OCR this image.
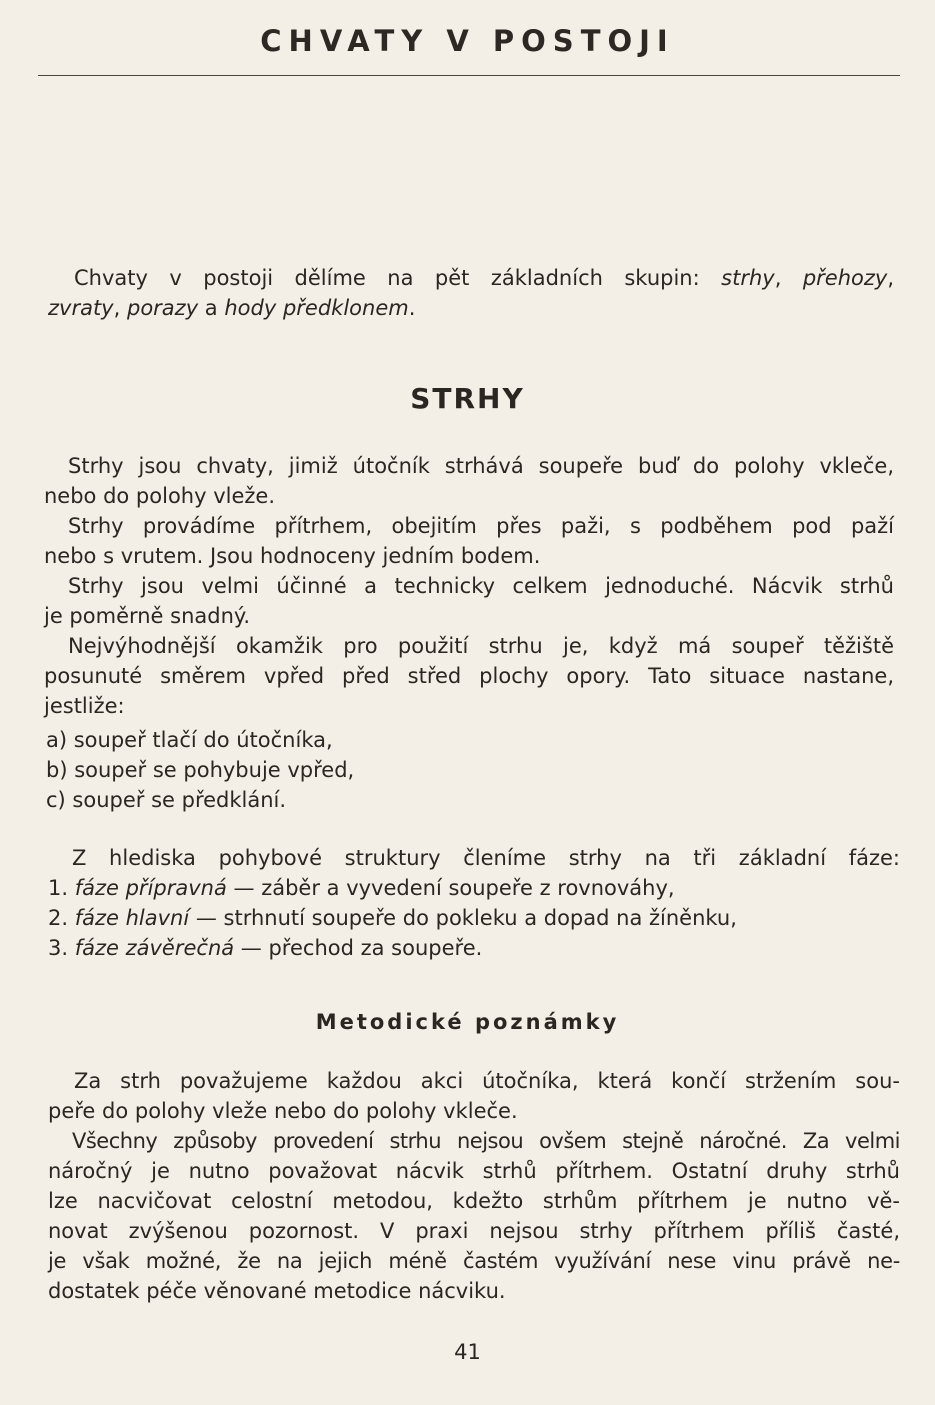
CHVATY V POSTOJI
Chvaty v postoji dělíme na pět základních skupin: strhy, přehozy,
zvraty, porazy a hody předklonem.
STRHY
Strhy jsou chvaty, jimiž útočník strhává soupeře buď do polohy vkleče,
nebo do polohy vleže.
Strhy provádíme přítrhem, obejitím přes paži, s podběhem pod paží
nebo s vrutem. Jsou hodnoceny jedním bodem.
Strhy jsou velmi účinné a technicky celkem jednoduché. Nácvik strhů
je poměrně snadný.
Nejvýhodnější okamžik pro použití strhu je, když má soupeř těžiště
posunuté směrem vpřed před střed plochy opory. Tato situace nastane,
jestliže:
a) soupeř tlačí do útočníka,
b) soupeř se pohybuje vpřed,
c) soupeř se předklání.
Z hlediska pohybové struktury členíme strhy na tři základní fáze:
1. fáze přípravná — záběr a vyvedení soupeře z rovnováhy,
2. fáze hlavní — strhnutí soupeře do pokleku a dopad na žíněnku,
3. fáze závěrečná — přechod za soupeře.
Metodické poznámky
Za strh považujeme každou akci útočníka, která končí stržením sou-
peře do polohy vleže nebo do polohy vkleče.
Všechny způsoby provedení strhu nejsou ovšem stejně náročné. Za velmi
náročný je nutno považovat nácvik strhů přítrhem. Ostatní druhy strhů
lze nacvičovat celostní metodou, kdežto strhům přítrhem je nutno vě-
novat zvýšenou pozornost. V praxi nejsou strhy přítrhem příliš časté,
je však možné, že na jejich méně častém využívání nese vinu právě ne-
dostatek péče věnované metodice nácviku.
41
